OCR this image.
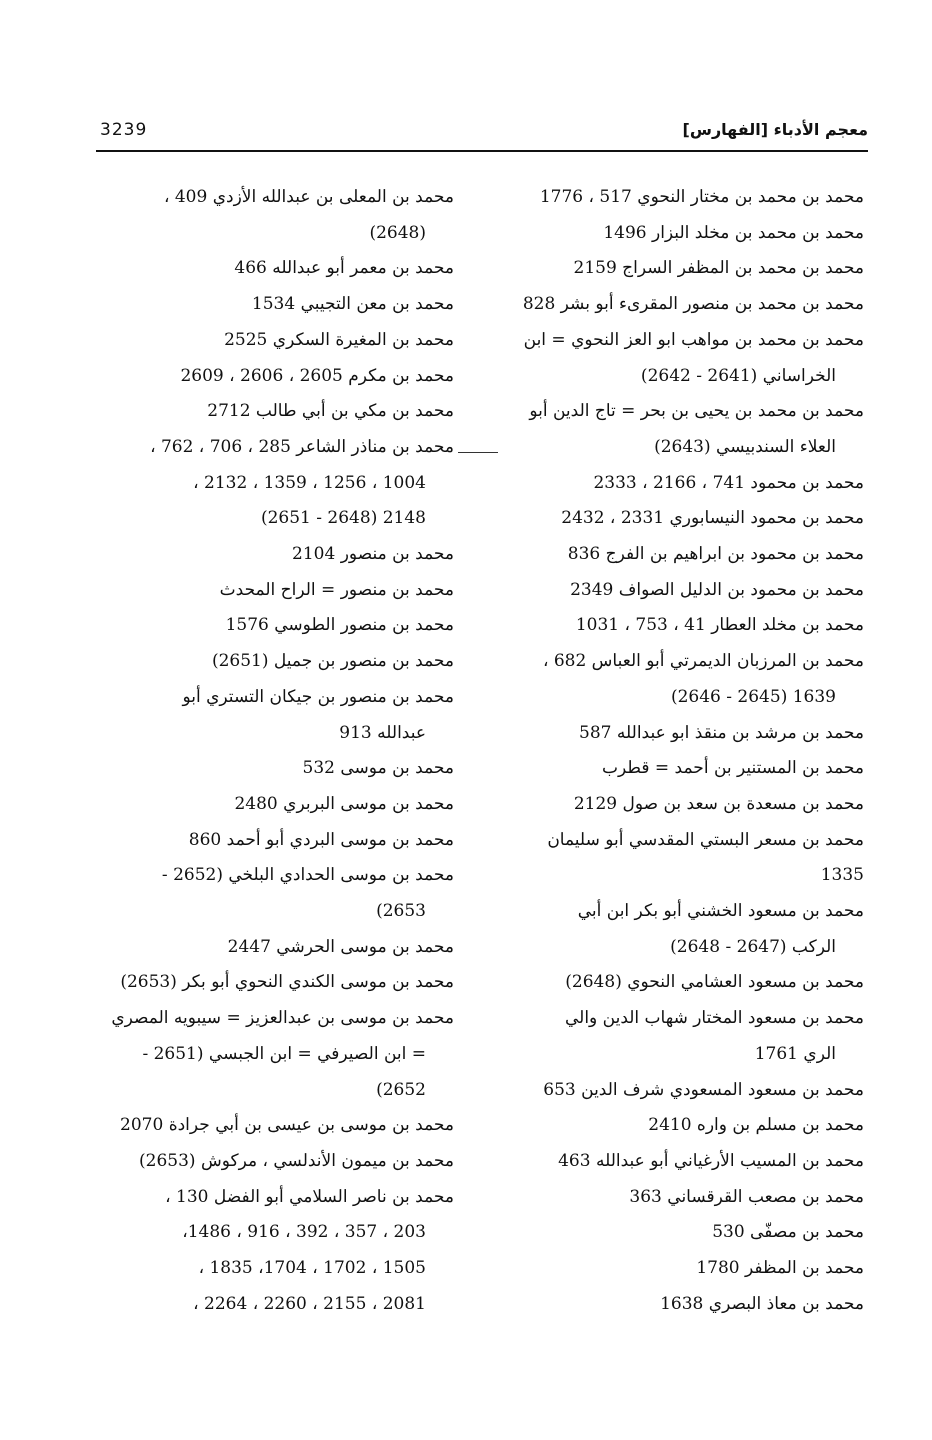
3239	معجم الأدباء [الفهارس]
محمد بن محمد بن مختار النحوي 517 ، 1776
محمد بن محمد بن مخلد البزار 1496
محمد بن محمد بن المظفر السراج 2159
محمد بن محمد بن منصور المقرىء أبو بشر 828
محمد بن محمد بن مواهب ابو العز النحوي = ابن
الخراساني (2641 - 2642)
محمد بن محمد بن يحيى بن بحر = تاج الدين أبو
العلاء السندبيسي (2643)
محمد بن محمود 741 ، 2166 ، 2333
محمد بن محمود النيسابوري 2331 ، 2432
محمد بن محمود بن ابراهيم بن الفرج 836
محمد بن محمود بن الدليل الصواف 2349
محمد بن مخلد العطار 41 ، 753 ، 1031
محمد بن المرزبان الديمرتي أبو العباس 682 ،
1639 (2645 - 2646)
محمد بن مرشد بن منقذ ابو عبدالله 587
محمد بن المستنير بن أحمد = قطرب
محمد بن مسعدة بن سعد بن صول 2129
محمد بن مسعر البستي المقدسي أبو سليمان 1335
محمد بن مسعود الخشني أبو بكر ابن أبي
الركب (2647 - 2648)
محمد بن مسعود العشامي النحوي (2648)
محمد بن مسعود المختار شهاب الدين والي
الري 1761
محمد بن مسعود المسعودي شرف الدين 653
محمد بن مسلم بن واره 2410
محمد بن المسيب الأرغياني أبو عبدالله 463
محمد بن مصعب القرقساني 363
محمد بن مصفّى 530
محمد بن المظفر 1780
محمد بن معاذ البصري 1638
محمد بن المعلى بن عبدالله الأزدي 409 ،
(2648)
محمد بن معمر أبو عبدالله 466
محمد بن معن التجيبي 1534
محمد بن المغيرة السكري 2525
محمد بن مكرم 2605 ، 2606 ، 2609
محمد بن مكي بن أبي طالب 2712
محمد بن مناذر الشاعر 285 ، 706 ، 762 ،
1004 ، 1256 ، 1359 ، 2132 ،
2148 (2648 - 2651)
محمد بن منصور 2104
محمد بن منصور = الراح المحدث
محمد بن منصور الطوسي 1576
محمد بن منصور بن جميل (2651)
محمد بن منصور بن جيكان التستري أبو
عبدالله 913
محمد بن موسى 532
محمد بن موسى البربري 2480
محمد بن موسى البردي أبو أحمد 860
محمد بن موسى الحدادي البلخي (2652 -
2653)
محمد بن موسى الحرشي 2447
محمد بن موسى الكندي النحوي أبو بكر (2653)
محمد بن موسى بن عبدالعزيز = سيبويه المصري
= ابن الصيرفي = ابن الجبسي (2651 -
2652)
محمد بن موسى بن عيسى بن أبي جرادة 2070
محمد بن ميمون الأندلسي ، مركوش (2653)
محمد بن ناصر السلامي أبو الفضل 130 ،
203 ، 357 ، 392 ، 916 ، 1486،
1505 ، 1702 ، 1704، 1835 ،
2081 ، 2155 ، 2260 ، 2264 ،
